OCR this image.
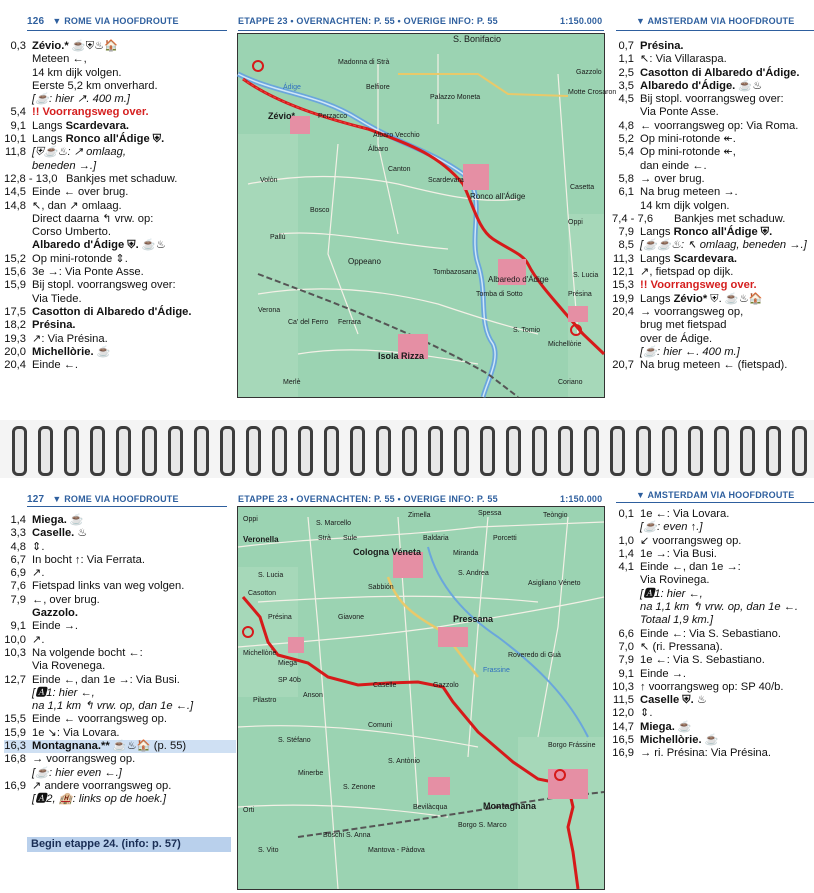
126 ▼ ROME VIA HOOFDROUTE	ETAPPE 23 • OVERNACHTEN: P. 55 • OVERIGE INFO: P. 55	1:150.000	▼ AMSTERDAM VIA HOOFDROUTE
0,3 Zévio.* ☕⛨♨🏠
Meteen ←,
14 km dijk volgen.
Eerste 5,2 km onverhard.
[☕: hier ↗. 400 m.]
5,4 !! Voorrangsweg over.
9,1 Langs Scardevara.
10,1 Langs Ronco all'Ádige ⛨.
11,8 [⛨☕♨: ↗ omlaag,
beneden →.]
12,8 - 13,0 Bankjes met schaduw.
14,5 Einde ← over brug.
14,8 ↖, dan ↗ omlaag.
Direct daarna ↰ vrw. op:
Corso Umberto.
Albaredo d'Ádige ⛨. ☕♨
15,2 Op mini-rotonde ⇕.
15,6 3e →: Via Ponte Asse.
15,9 Bij stopl. voorrangsweg over:
Via Tiede.
17,5 Casotton di Albaredo d'Ádige.
18,2 Présina.
19,3 ↗: Via Présina.
20,0 Michellòrie. ☕
20,4 Einde ←.
S. Bonifacio
Madonna di Strà
Belfiore
Palazzo Moneta
Zévio*	Perzacco
Álbaro Vecchio
Álbaro
Canton
Scardevara
Ronco all'Ádige
Gazzolo
Motte Crosaron
Casetta
Oppi
Volòn
Bosco
Pallù
Tombazosana
Albaredo d'Ádige	S. Lucia
Présina
Oppeano
Ca' del Ferro Ferrara
Isola Rizza
Tomba di Sotto
S. Tomio
Michellòrie
Coriano
Merlè
Ádige
Verona
0,7 Présina.
1,1 ↖: Via Villaraspa.
2,5 Casotton di Albaredo d'Ádige.
3,5 Albaredo d'Ádige. ☕♨
4,5 Bij stopl. voorrangsweg over:
Via Ponte Asse.
4,8 ← voorrangsweg op: Via Roma.
5,2 Op mini-rotonde ↞.
5,4 Op mini-rotonde ↞,
dan einde ←.
5,8 → over brug.
6,1 Na brug meteen →.
14 km dijk volgen.
7,4 - 7,6 Bankjes met schaduw.
7,9 Langs Ronco all'Ádige ⛨.
8,5 [☕☕♨: ↖ omlaag, beneden →.]
11,3 Langs Scardevara.
12,1 ↗, fietspad op dijk.
15,3 !! Voorrangsweg over.
19,9 Langs Zévio* ⛨. ☕♨🏠
20,4 → voorrangsweg op,
brug met fietspad
over de Ádige.
[☕: hier ←. 400 m.]
20,7 Na brug meteen ← (fietspad).
127 ▼ ROME VIA HOOFDROUTE	ETAPPE 23 • OVERNACHTEN: P. 55 • OVERIGE INFO: P. 55	1:150.000	▼ AMSTERDAM VIA HOOFDROUTE
1,4 Miega. ☕
3,3 Caselle. ♨
4,8 ⇕.
6,7 In bocht ↑: Via Ferrata.
6,9 ↗.
7,6 Fietspad links van weg volgen.
7,9 ←, over brug.
Gazzolo.
9,1 Einde →.
10,0 ↗.
10,3 Na volgende bocht ←:
Via Rovenega.
12,7 Einde ←, dan 1e →: Via Busi.
[🅰1: hier ←,
na 1,1 km ↰ vrw. op, dan 1e ←.]
15,5 Einde ← voorrangsweg op.
15,9 1e ↘: Via Lovara.
16,3 Montagnana.** ☕♨🏠 (p. 55)
16,8 → voorrangsweg op.
[☕: hier even ←.]
16,9 ↗ andere voorrangsweg op.
[🅰2, 🏨: links op de hoek.]
Begin etappe 24. (info: p. 57)
Zimella	Spessa	Teòngio
Oppi
S. Marcello
Veronella	Strà Sule	Baldaria
Cologna Véneta	Miranda
Porcetti
S. Lucia
Casotton
Sabbión
S. Andrea
Asigliano Véneto
Présina	Giavone
Michellòrie
Miega
Pressana
Anson
Caselle	Gazzolo
Roveredo di Guà
Pilastro
Comuni
S. Stéfano
Minerbe
S. Antònio
Borgo Frássine
S. Zenone
Bevilàcqua	Montagnana
Orti
Borgo S. Marco
Boschi S. Anna
S. Vito	Mantova - Pàdova
Frassine
SP 40b
0,1 1e ←: Via Lovara.
[☕: even ↑.]
1,0 ↙ voorrangsweg op.
1,4 1e →: Via Busi.
4,1 Einde ←, dan 1e →:
Via Rovinega.
[🅰1: hier ←,
na 1,1 km ↰ vrw. op, dan 1e ←.
Totaal 1,9 km.]
6,6 Einde ←: Via S. Sebastiano.
7,0 ↖ (ri. Pressana).
7,9 1e ←: Via S. Sebastiano.
9,1 Einde →.
10,3 ↑ voorrangsweg op: SP 40/b.
11,5 Caselle ⛨. ♨
12,0 ⇕.
14,7 Miega. ☕
16,5 Michellòrie. ☕
16,9 → ri. Présina: Via Présina.
